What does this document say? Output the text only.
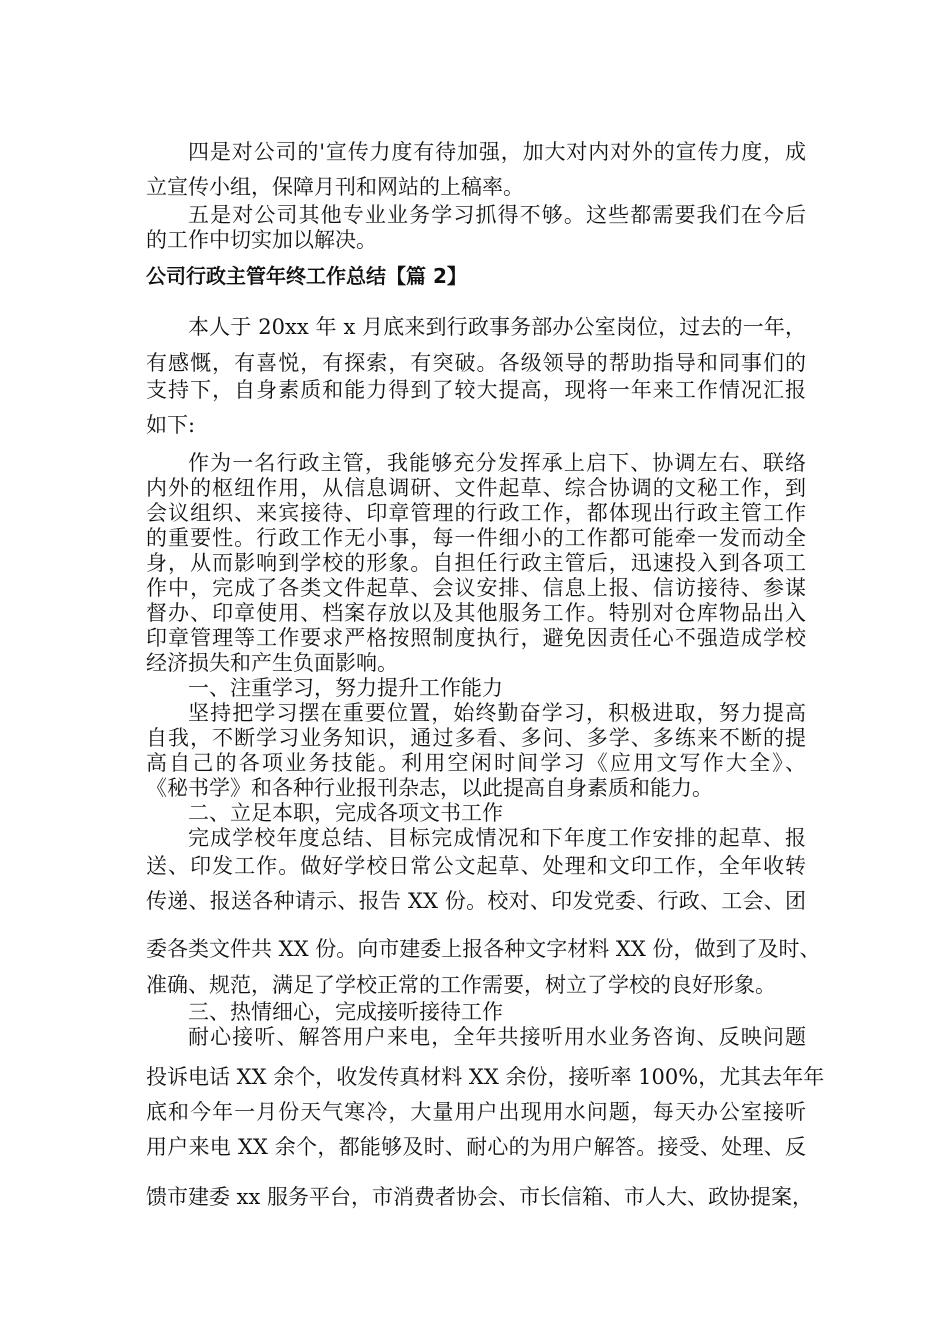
四是对公司的'宣传力度有待加强，加大对内对外的宣传力度，成
立宣传小组，保障月刊和网站的上稿率。
五是对公司其他专业业务学习抓得不够。这些都需要我们在今后
的工作中切实加以解决。
公司行政主管年终工作总结【篇 2】
本人于 20xx 年 x 月底来到行政事务部办公室岗位，过去的一年，
有感慨，有喜悦，有探索，有突破。各级领导的帮助指导和同事们的
支持下，自身素质和能力得到了较大提高，现将一年来工作情况汇报
如下:
作为一名行政主管，我能够充分发挥承上启下、协调左右、联络
内外的枢纽作用，从信息调研、文件起草、综合协调的文秘工作，到
会议组织、来宾接待、印章管理的行政工作，都体现出行政主管工作
的重要性。行政工作无小事，每一件细小的工作都可能牵一发而动全
身，从而影响到学校的形象。自担任行政主管后，迅速投入到各项工
作中，完成了各类文件起草、会议安排、信息上报、信访接待、参谋
督办、印章使用、档案存放以及其他服务工作。特别对仓库物品出入
印章管理等工作要求严格按照制度执行，避免因责任心不强造成学校
经济损失和产生负面影响。
一、注重学习，努力提升工作能力
坚持把学习摆在重要位置，始终勤奋学习，积极进取，努力提高
自我，不断学习业务知识，通过多看、多问、多学、多练来不断的提
高自己的各项业务技能。利用空闲时间学习《应用文写作大全》、
《秘书学》和各种行业报刊杂志，以此提高自身素质和能力。
二、立足本职，完成各项文书工作
完成学校年度总结、目标完成情况和下年度工作安排的起草、报
送、印发工作。做好学校日常公文起草、处理和文印工作，全年收转
传递、报送各种请示、报告 XX 份。校对、印发党委、行政、工会、团
委各类文件共 XX 份。向市建委上报各种文字材料 XX 份，做到了及时、
准确、规范，满足了学校正常的工作需要，树立了学校的良好形象。
三、热情细心，完成接听接待工作
耐心接听、解答用户来电，全年共接听用水业务咨询、反映问题
投诉电话 XX 余个，收发传真材料 XX 余份，接听率 100%，尤其去年年
底和今年一月份天气寒冷，大量用户出现用水问题，每天办公室接听
用户来电 XX 余个，都能够及时、耐心的为用户解答。接受、处理、反
馈市建委 xx 服务平台，市消费者协会、市长信箱、市人大、政协提案，
